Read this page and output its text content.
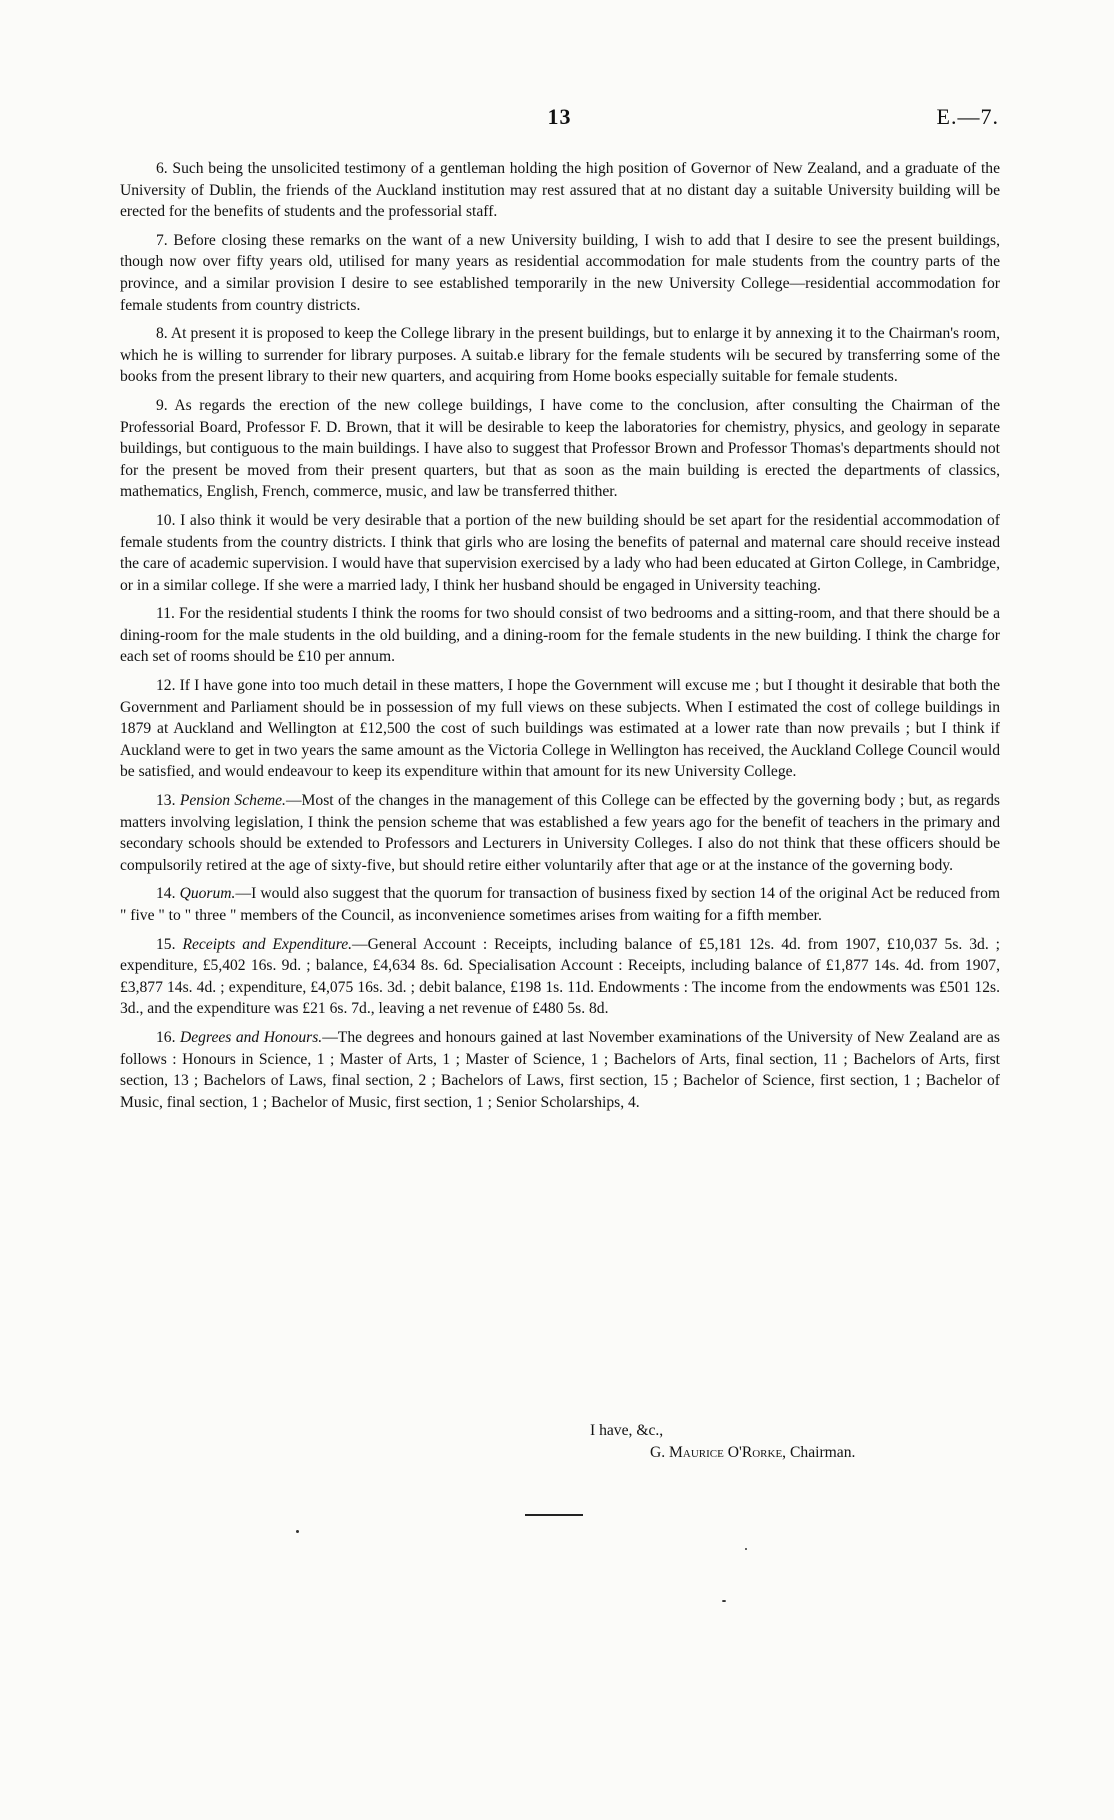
13	E.—7.

6. Such being the unsolicited testimony of a gentleman holding the high position of Governor of New Zealand, and a graduate of the University of Dublin, the friends of the Auckland institution may rest assured that at no distant day a suitable University building will be erected for the benefits of students and the professorial staff.

7. Before closing these remarks on the want of a new University building, I wish to add that I desire to see the present buildings, though now over fifty years old, utilised for many years as residential accommodation for male students from the country parts of the province, and a similar provision I desire to see established temporarily in the new University College—residential accommodation for female students from country districts.

8. At present it is proposed to keep the College library in the present buildings, but to enlarge it by annexing it to the Chairman's room, which he is willing to surrender for library purposes. A suitab.e library for the female students wilı be secured by transferring some of the books from the present library to their new quarters, and acquiring from Home books especially suitable for female students.

9. As regards the erection of the new college buildings, I have come to the conclusion, after consulting the Chairman of the Professorial Board, Professor F. D. Brown, that it will be desirable to keep the laboratories for chemistry, physics, and geology in separate buildings, but contiguous to the main buildings. I have also to suggest that Professor Brown and Professor Thomas's departments should not for the present be moved from their present quarters, but that as soon as the main building is erected the departments of classics, mathematics, English, French, commerce, music, and law be transferred thither.

10. I also think it would be very desirable that a portion of the new building should be set apart for the residential accommodation of female students from the country districts. I think that girls who are losing the benefits of paternal and maternal care should receive instead the care of academic supervision. I would have that supervision exercised by a lady who had been educated at Girton College, in Cambridge, or in a similar college. If she were a married lady, I think her husband should be engaged in University teaching.

11. For the residential students I think the rooms for two should consist of two bedrooms and a sitting-room, and that there should be a dining-room for the male students in the old building, and a dining-room for the female students in the new building. I think the charge for each set of rooms should be £10 per annum.

12. If I have gone into too much detail in these matters, I hope the Government will excuse me ; but I thought it desirable that both the Government and Parliament should be in possession of my full views on these subjects. When I estimated the cost of college buildings in 1879 at Auckland and Wellington at £12,500 the cost of such buildings was estimated at a lower rate than now prevails ; but I think if Auckland were to get in two years the same amount as the Victoria College in Wellington has received, the Auckland College Council would be satisfied, and would endeavour to keep its expenditure within that amount for its new University College.

13. Pension Scheme.—Most of the changes in the management of this College can be effected by the governing body ; but, as regards matters involving legislation, I think the pension scheme that was established a few years ago for the benefit of teachers in the primary and secondary schools should be extended to Professors and Lecturers in University Colleges. I also do not think that these officers should be compulsorily retired at the age of sixty-five, but should retire either voluntarily after that age or at the instance of the governing body.

14. Quorum.—I would also suggest that the quorum for transaction of business fixed by section 14 of the original Act be reduced from " five " to " three " members of the Council, as inconvenience sometimes arises from waiting for a fifth member.

15. Receipts and Expenditure.—General Account : Receipts, including balance of £5,181 12s. 4d. from 1907, £10,037 5s. 3d. ; expenditure, £5,402 16s. 9d. ; balance, £4,634 8s. 6d. Specialisation Account : Receipts, including balance of £1,877 14s. 4d. from 1907, £3,877 14s. 4d. ; expenditure, £4,075 16s. 3d. ; debit balance, £198 1s. 11d. Endowments : The income from the endowments was £501 12s. 3d., and the expenditure was £21 6s. 7d., leaving a net revenue of £480 5s. 8d.

16. Degrees and Honours.—The degrees and honours gained at last November examinations of the University of New Zealand are as follows : Honours in Science, 1 ; Master of Arts, 1 ; Master of Science, 1 ; Bachelors of Arts, final section, 11 ; Bachelors of Arts, first section, 13 ; Bachelors of Laws, final section, 2 ; Bachelors of Laws, first section, 15 ; Bachelor of Science, first section, 1 ; Bachelor of Music, final section, 1 ; Bachelor of Music, first section, 1 ; Senior Scholarships, 4.

I have, &c.,
G. Maurice O'Rorke, Chairman.
